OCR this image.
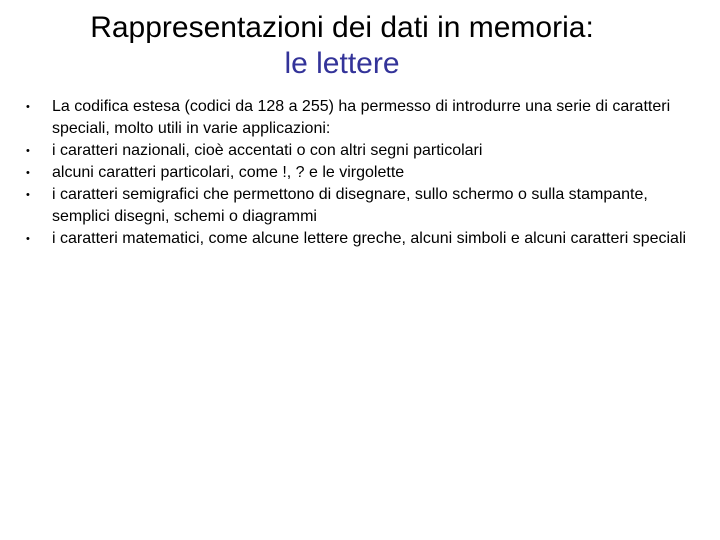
Rappresentazioni dei dati in memoria:
le lettere
•	La codifica estesa (codici da 128 a 255) ha permesso di introdurre una serie di caratteri speciali, molto utili in varie applicazioni:
•	i caratteri nazionali, cioè accentati o con altri segni particolari
•	alcuni caratteri particolari, come !, ? e le virgolette
•	i caratteri semigrafici che permettono di disegnare, sullo schermo o sulla stampante, semplici disegni, schemi o diagrammi
•	i caratteri matematici, come alcune lettere greche, alcuni simboli e alcuni caratteri speciali
